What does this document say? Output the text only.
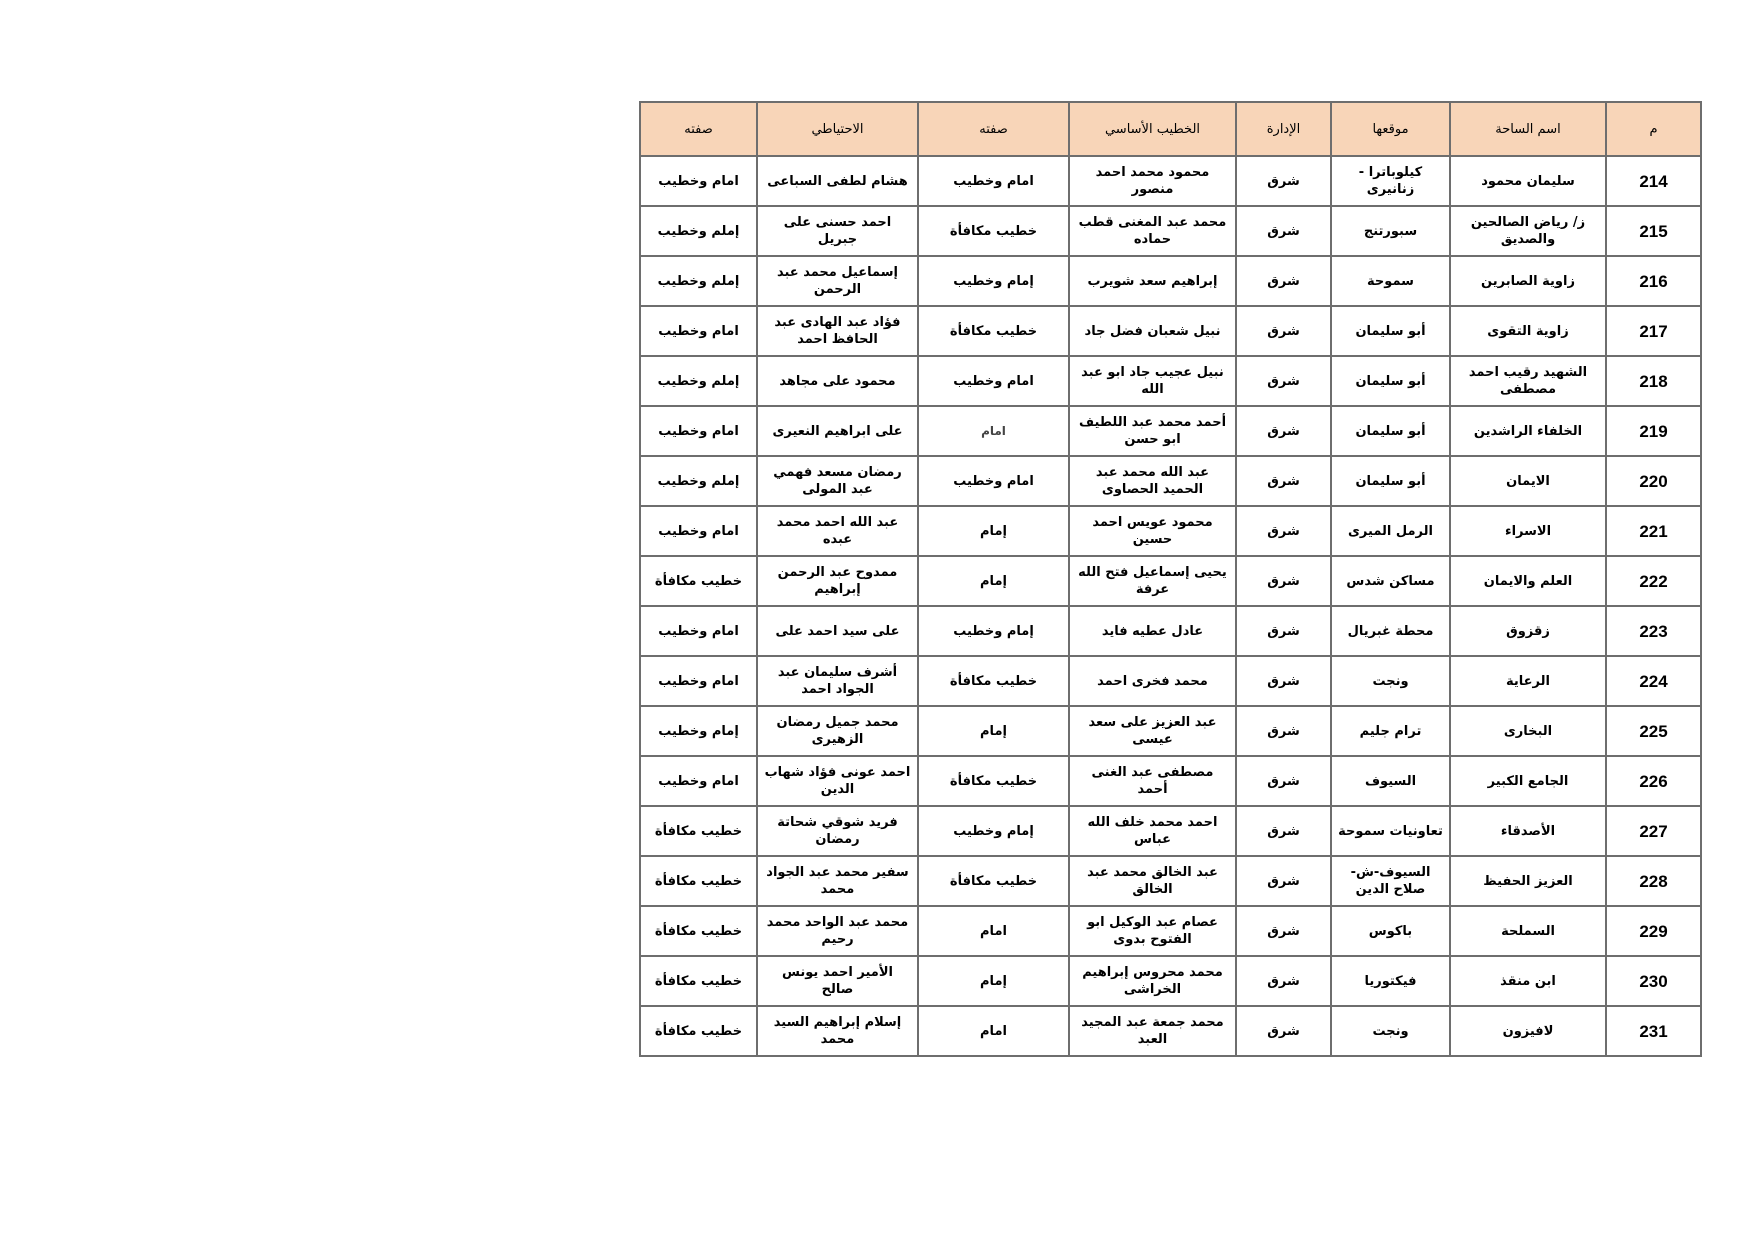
م	اسم الساحة	موقعها	الإدارة	الخطيب الأساسي	صفته	الاحتياطي	صفته
214	سليمان محمود	كيلوباترا - زنانيرى	شرق	محمود محمد احمد منصور	امام وخطيب	هشام لطفى السباعى	امام وخطيب
215	ز/ رياض الصالحين والصديق	سبورتنج	شرق	محمد عبد المغنى قطب حماده	خطيب مكافأة	احمد حسنى على جبريل	إملم وخطيب
216	زاوية الصابرين	سموحة	شرق	إبراهيم سعد شويرب	إمام وخطيب	إسماعيل محمد عبد الرحمن	إملم وخطيب
217	زاوية التقوى	أبو سليمان	شرق	نبيل شعبان فضل جاد	خطيب مكافأة	فؤاد عبد الهادى عبد الحافظ احمد	امام وخطيب
218	الشهيد رقيب احمد مصطفى	أبو سليمان	شرق	نبيل عجيب جاد ابو عبد الله	امام وخطيب	محمود على مجاهد	إملم وخطيب
219	الخلفاء الراشدين	أبو سليمان	شرق	أحمد محمد عبد اللطيف ابو حسن	امام	على ابراهيم النعيرى	امام وخطيب
220	الايمان	أبو سليمان	شرق	عبد الله محمد عبد الحميد الحصاوى	امام وخطيب	رمضان مسعد فهمي عبد المولى	إملم وخطيب
221	الاسراء	الرمل الميرى	شرق	محمود عويس احمد حسين	إمام	عبد الله احمد محمد عبده	امام وخطيب
222	العلم والايمان	مساكن شدس	شرق	يحيى إسماعيل فتح الله عرفة	إمام	ممدوح عبد الرحمن إبراهيم	خطيب مكافأة
223	زقزوق	محطة غبريال	شرق	عادل عطيه فايد	إمام وخطيب	على سيد احمد على	امام وخطيب
224	الرعاية	ونجت	شرق	محمد فخرى احمد	خطيب مكافأة	أشرف سليمان عبد الجواد احمد	امام وخطيب
225	البخارى	ترام جليم	شرق	عبد العزيز على سعد عيسى	إمام	محمد جميل رمضان الزهيرى	إمام وخطيب
226	الجامع الكبير	السيوف	شرق	مصطفى عبد الغنى أحمد	خطيب مكافأة	احمد عونى فؤاد شهاب الدين	امام وخطيب
227	الأصدقاء	تعاونيات سموحة	شرق	احمد محمد خلف الله عباس	إمام وخطيب	فريد شوقي شحاتة رمضان	خطيب مكافأة
228	العزيز الحفيظ	السيوف-ش-صلاح الدين	شرق	عبد الخالق محمد عبد الخالق	خطيب مكافأة	سفير محمد عبد الجواد محمد	خطيب مكافأة
229	السملحة	باكوس	شرق	عصام عبد الوكيل ابو الفتوح بدوى	امام	محمد عبد الواحد محمد رحيم	خطيب مكافأة
230	ابن منقذ	فيكتوريا	شرق	محمد محروس إبراهيم الخراشى	إمام	الأمير احمد يونس صالح	خطيب مكافأة
231	لافيزون	ونجت	شرق	محمد جمعة عبد المجيد العبد	امام	إسلام إبراهيم السيد محمد	خطيب مكافأة
